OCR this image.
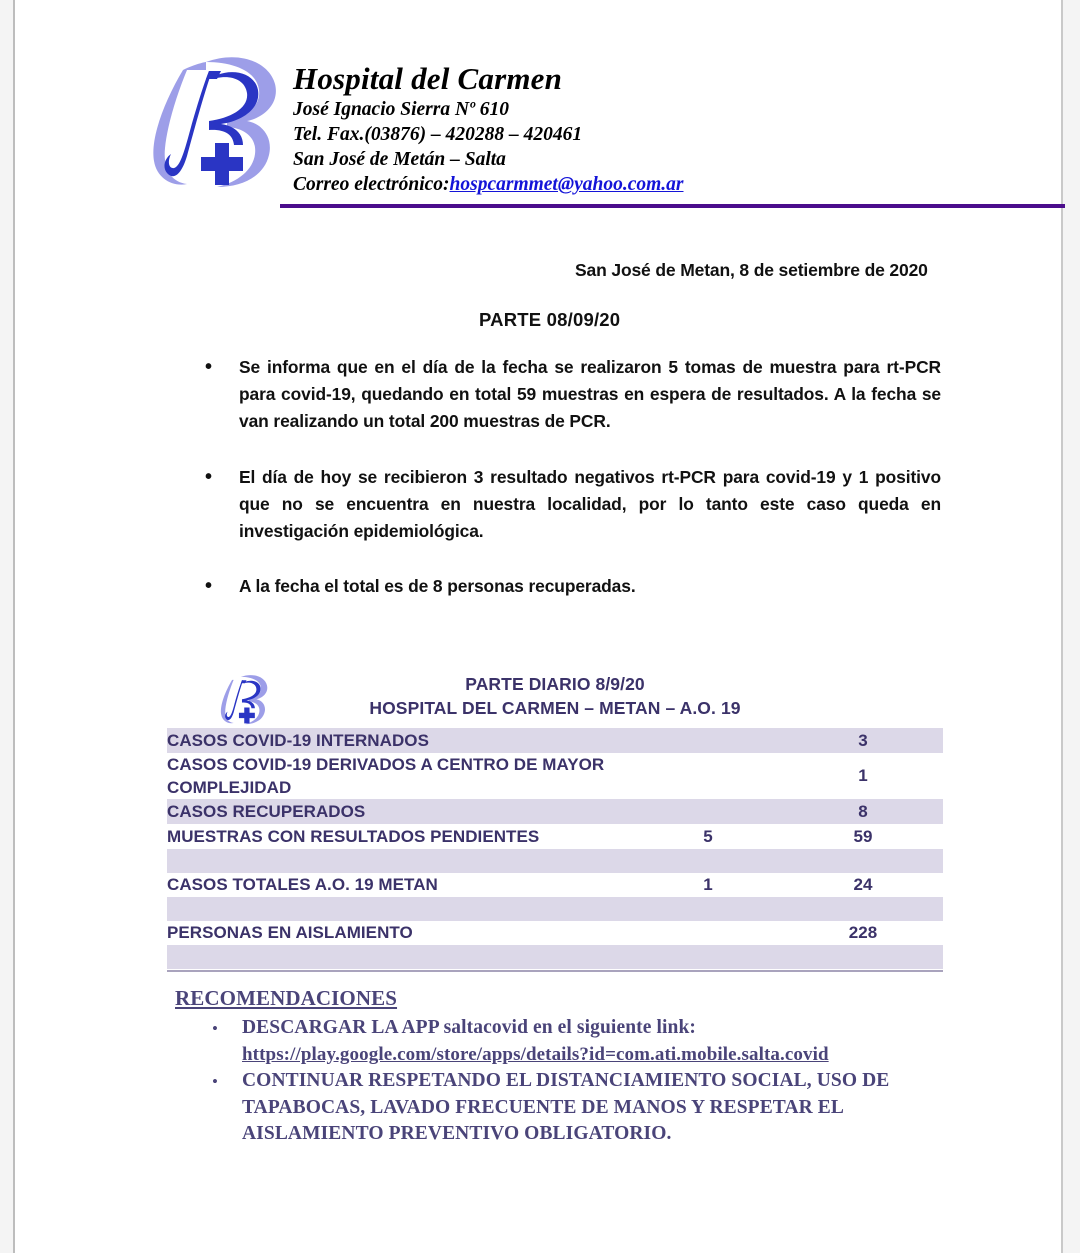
Hospital del Carmen
José Ignacio Sierra Nº 610
Tel. Fax.(03876) – 420288 – 420461
San José de Metán – Salta
Correo electrónico:hospcarmmet@yahoo.com.ar
San José de Metan, 8 de setiembre de 2020
PARTE 08/09/20
•	Se informa que en el día de la fecha se realizaron 5 tomas de muestra para rt-PCR para covid-19, quedando en total 59 muestras en espera de resultados. A la fecha se van realizando un total 200 muestras de PCR.
•	El día de hoy se recibieron 3 resultado negativos rt-PCR para covid-19 y 1 positivo que no se encuentra en nuestra localidad, por lo tanto este caso queda en investigación epidemiológica.
•	A la fecha el total es de 8 personas recuperadas.
PARTE DIARIO 8/9/20
HOSPITAL DEL CARMEN – METAN – A.O. 19
CASOS COVID-19 INTERNADOS		3
CASOS COVID-19 DERIVADOS A CENTRO DE MAYOR COMPLEJIDAD		1
CASOS RECUPERADOS		8
MUESTRAS CON RESULTADOS PENDIENTES	5	59

CASOS TOTALES A.O. 19 METAN	1	24

PERSONAS EN AISLAMIENTO		228

RECOMENDACIONES
•	DESCARGAR LA APP saltacovid en el siguiente link:
https://play.google.com/store/apps/details?id=com.ati.mobile.salta.covid
•	CONTINUAR RESPETANDO EL DISTANCIAMIENTO SOCIAL, USO DE TAPABOCAS, LAVADO FRECUENTE DE MANOS Y RESPETAR EL AISLAMIENTO PREVENTIVO OBLIGATORIO.
